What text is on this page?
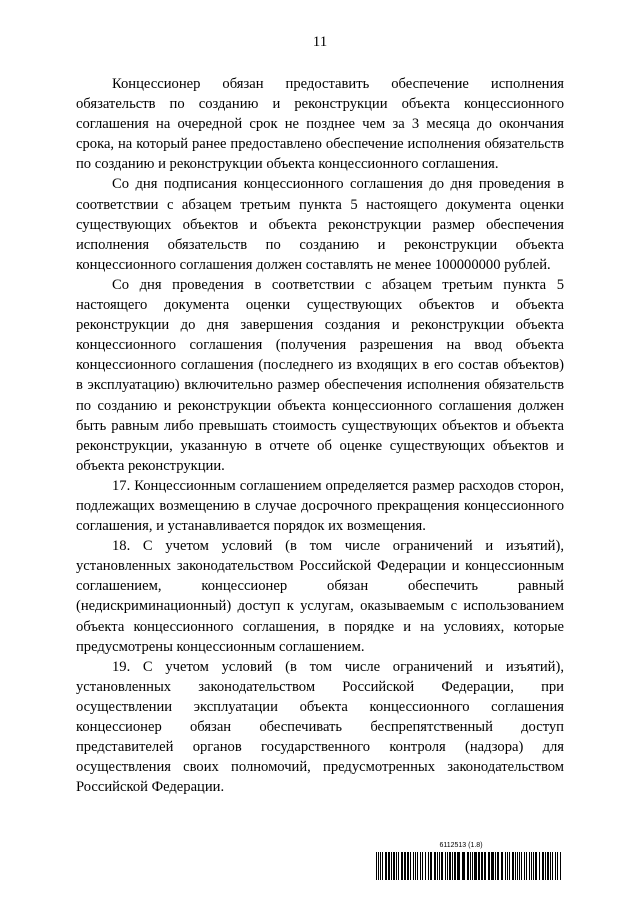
11

Концессионер обязан предоставить обеспечение исполнения обязательств по созданию и реконструкции объекта концессионного соглашения на очередной срок не позднее чем за 3 месяца до окончания срока, на который ранее предоставлено обеспечение исполнения обязательств по созданию и реконструкции объекта концессионного соглашения.

Со дня подписания концессионного соглашения до дня проведения в соответствии с абзацем третьим пункта 5 настоящего документа оценки существующих объектов и объекта реконструкции размер обеспечения исполнения обязательств по созданию и реконструкции объекта концессионного соглашения должен составлять не менее 100000000 рублей.

Со дня проведения в соответствии с абзацем третьим пункта 5 настоящего документа оценки существующих объектов и объекта реконструкции до дня завершения создания и реконструкции объекта концессионного соглашения (получения разрешения на ввод объекта концессионного соглашения (последнего из входящих в его состав объектов) в эксплуатацию) включительно размер обеспечения исполнения обязательств по созданию и реконструкции объекта концессионного соглашения должен быть равным либо превышать стоимость существующих объектов и объекта реконструкции, указанную в отчете об оценке существующих объектов и объекта реконструкции.

17. Концессионным соглашением определяется размер расходов сторон, подлежащих возмещению в случае досрочного прекращения концессионного соглашения, и устанавливается порядок их возмещения.

18. С учетом условий (в том числе ограничений и изъятий), установленных законодательством Российской Федерации и концессионным соглашением, концессионер обязан обеспечить равный (недискриминационный) доступ к услугам, оказываемым с использованием объекта концессионного соглашения, в порядке и на условиях, которые предусмотрены концессионным соглашением.

19. С учетом условий (в том числе ограничений и изъятий), установленных законодательством Российской Федерации, при осуществлении эксплуатации объекта концессионного соглашения концессионер обязан обеспечивать беспрепятственный доступ представителей органов государственного контроля (надзора) для осуществления своих полномочий, предусмотренных законодательством Российской Федерации.

6112513 (1.8)
